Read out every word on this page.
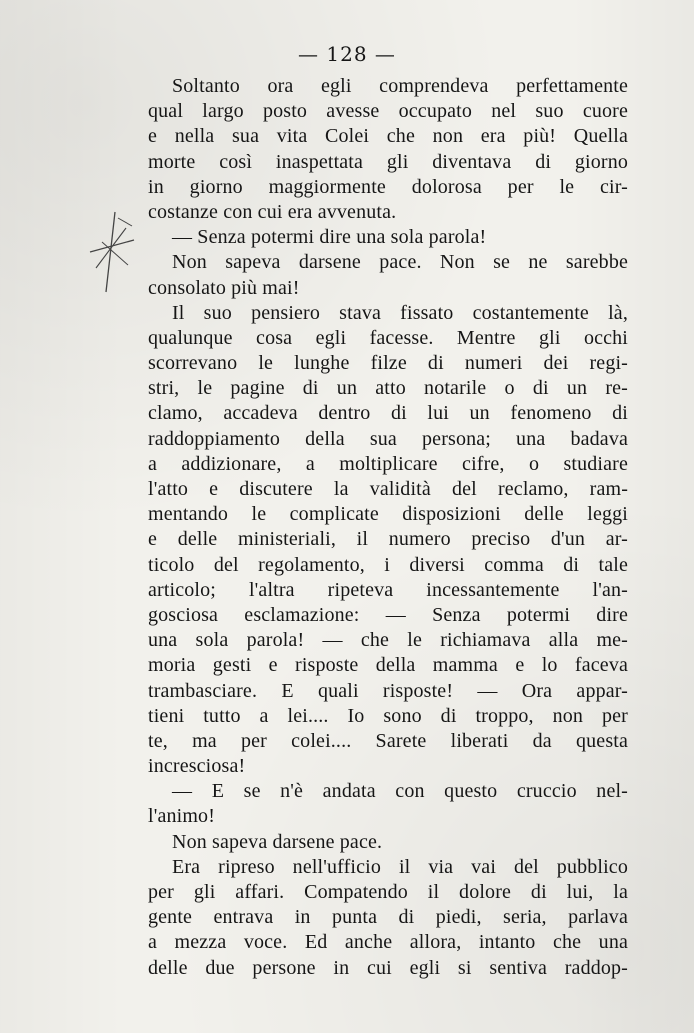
— 128 —
Soltanto ora egli comprendeva perfettamente
qual largo posto avesse occupato nel suo cuore
e nella sua vita Colei che non era più! Quella
morte così inaspettata gli diventava di giorno
in giorno maggiormente dolorosa per le cir-
costanze con cui era avvenuta.
— Senza potermi dire una sola parola!
Non sapeva darsene pace. Non se ne sarebbe
consolato più mai!
Il suo pensiero stava fissato costantemente là,
qualunque cosa egli facesse. Mentre gli occhi
scorrevano le lunghe filze di numeri dei regi-
stri, le pagine di un atto notarile o di un re-
clamo, accadeva dentro di lui un fenomeno di
raddoppiamento della sua persona; una badava
a addizionare, a moltiplicare cifre, o studiare
l'atto e discutere la validità del reclamo, ram-
mentando le complicate disposizioni delle leggi
e delle ministeriali, il numero preciso d'un ar-
ticolo del regolamento, i diversi comma di tale
articolo; l'altra ripeteva incessantemente l'an-
gosciosa esclamazione: — Senza potermi dire
una sola parola! — che le richiamava alla me-
moria gesti e risposte della mamma e lo faceva
trambasciare. E quali risposte! — Ora appar-
tieni tutto a lei.... Io sono di troppo, non per
te, ma per colei.... Sarete liberati da questa
incresciosa!
— E se n'è andata con questo cruccio nel-
l'animo!
Non sapeva darsene pace.
Era ripreso nell'ufficio il via vai del pubblico
per gli affari. Compatendo il dolore di lui, la
gente entrava in punta di piedi, seria, parlava
a mezza voce. Ed anche allora, intanto che una
delle due persone in cui egli si sentiva raddop-
